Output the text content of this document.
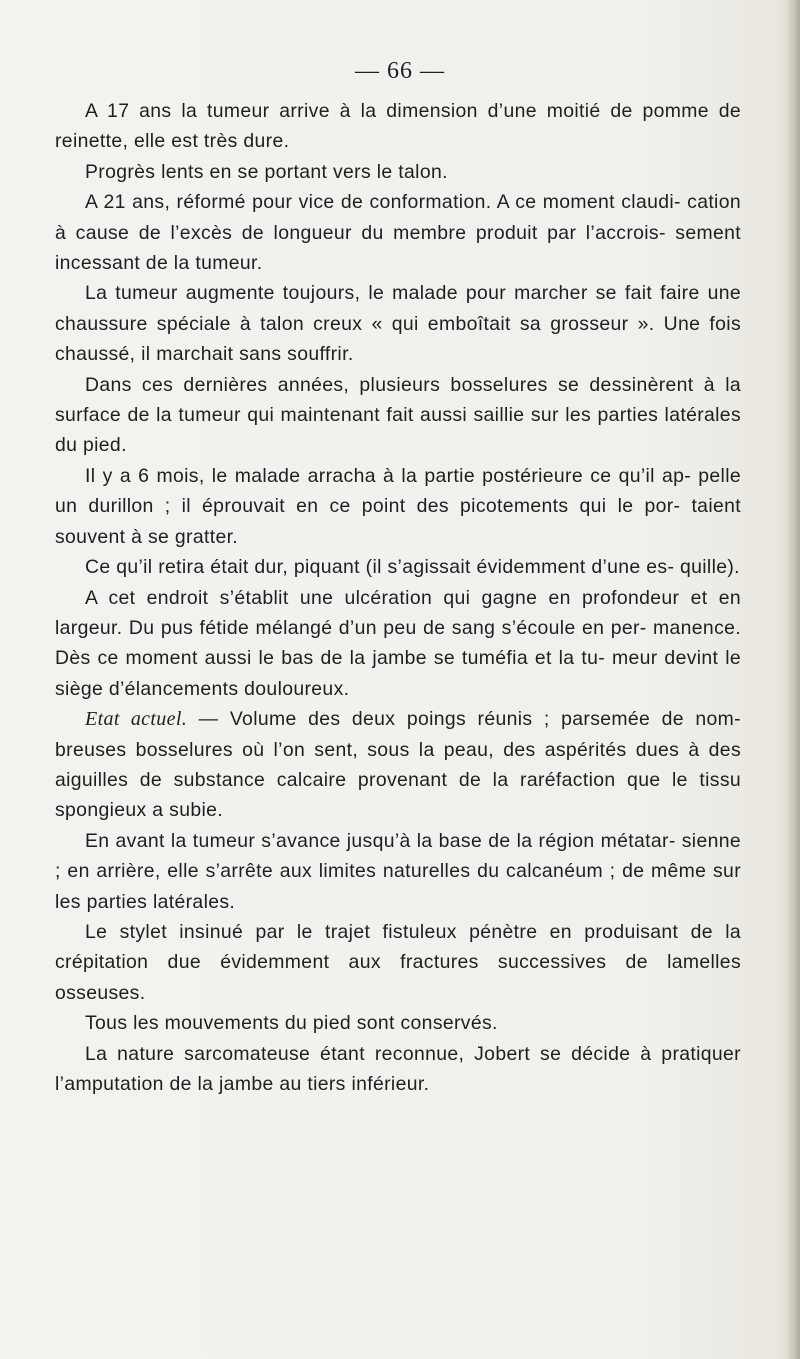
— 66 —

A 17 ans la tumeur arrive à la dimension d’une moitié de pomme de reinette, elle est très dure.

Progrès lents en se portant vers le talon.

A 21 ans, réformé pour vice de conformation. A ce moment claudi- cation à cause de l’excès de longueur du membre produit par l’accrois- sement incessant de la tumeur.

La tumeur augmente toujours, le malade pour marcher se fait faire une chaussure spéciale à talon creux « qui emboîtait sa grosseur ». Une fois chaussé, il marchait sans souffrir.

Dans ces dernières années, plusieurs bosselures se dessinèrent à la surface de la tumeur qui maintenant fait aussi saillie sur les parties latérales du pied.

Il y a 6 mois, le malade arracha à la partie postérieure ce qu’il ap- pelle un durillon ; il éprouvait en ce point des picotements qui le por- taient souvent à se gratter.

Ce qu’il retira était dur, piquant (il s’agissait évidemment d’une es- quille).

A cet endroit s’établit une ulcération qui gagne en profondeur et en largeur. Du pus fétide mélangé d’un peu de sang s’écoule en per- manence. Dès ce moment aussi le bas de la jambe se tuméfia et la tu- meur devint le siège d’élancements douloureux.

Etat actuel. — Volume des deux poings réunis ; parsemée de nom- breuses bosselures où l’on sent, sous la peau, des aspérités dues à des aiguilles de substance calcaire provenant de la raréfaction que le tissu spongieux a subie.

En avant la tumeur s’avance jusqu’à la base de la région métatar- sienne ; en arrière, elle s’arrête aux limites naturelles du calcanéum ; de même sur les parties latérales.

Le stylet insinué par le trajet fistuleux pénètre en produisant de la crépitation due évidemment aux fractures successives de lamelles osseuses.

Tous les mouvements du pied sont conservés.

La nature sarcomateuse étant reconnue, Jobert se décide à pratiquer l’amputation de la jambe au tiers inférieur.
